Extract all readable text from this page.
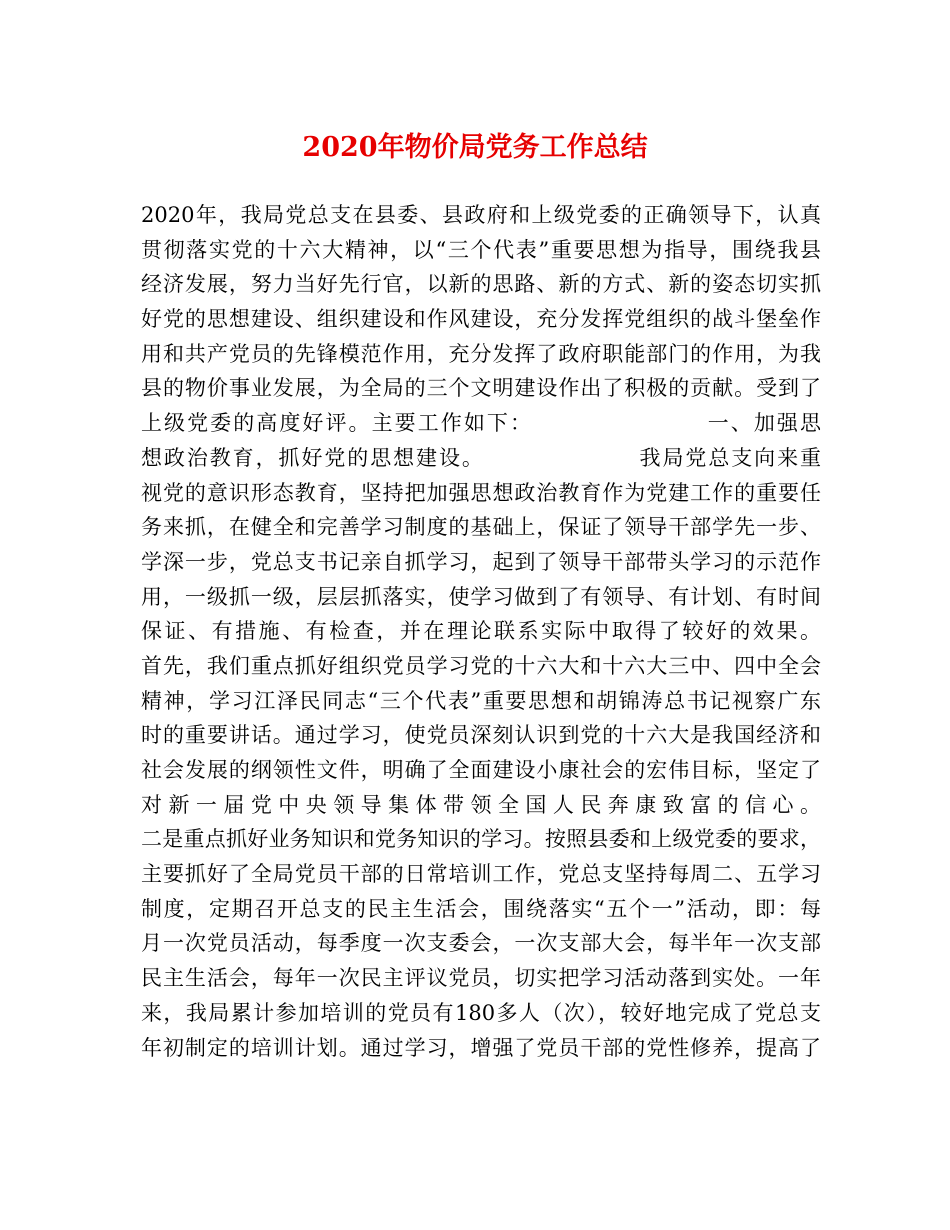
2020年物价局党务工作总结
2020年，我局党总支在县委、县政府和上级党委的正确领导下，认真
贯彻落实党的十六大精神，以“三个代表”重要思想为指导，围绕我县
经济发展，努力当好先行官，以新的思路、新的方式、新的姿态切实抓
好党的思想建设、组织建设和作风建设，充分发挥党组织的战斗堡垒作
用和共产党员的先锋模范作用，充分发挥了政府职能部门的作用，为我
县的物价事业发展，为全局的三个文明建设作出了积极的贡献。受到了
上级党委的高度好评。主要工作如下：                    一、加强思
想政治教育，抓好党的思想建设。                  我局党总支向来重
视党的意识形态教育，坚持把加强思想政治教育作为党建工作的重要任
务来抓，在健全和完善学习制度的基础上，保证了领导干部学先一步、
学深一步，党总支书记亲自抓学习，起到了领导干部带头学习的示范作
用，一级抓一级，层层抓落实，使学习做到了有领导、有计划、有时间
保证、有措施、有检查，并在理论联系实际中取得了较好的效果。
首先，我们重点抓好组织党员学习党的十六大和十六大三中、四中全会
精神，学习江泽民同志“三个代表”重要思想和胡锦涛总书记视察广东
时的重要讲话。通过学习，使党员深刻认识到党的十六大是我国经济和
社会发展的纲领性文件，明确了全面建设小康社会的宏伟目标，坚定了
对新一届党中央领导集体带领全国人民奔康致富的信心。
二是重点抓好业务知识和党务知识的学习。按照县委和上级党委的要求，
主要抓好了全局党员干部的日常培训工作，党总支坚持每周二、五学习
制度，定期召开总支的民主生活会，围绕落实“五个一”活动，即：每
月一次党员活动，每季度一次支委会，一次支部大会，每半年一次支部
民主生活会，每年一次民主评议党员，切实把学习活动落到实处。一年
来，我局累计参加培训的党员有180多人（次），较好地完成了党总支
年初制定的培训计划。通过学习，增强了党员干部的党性修养，提高了
